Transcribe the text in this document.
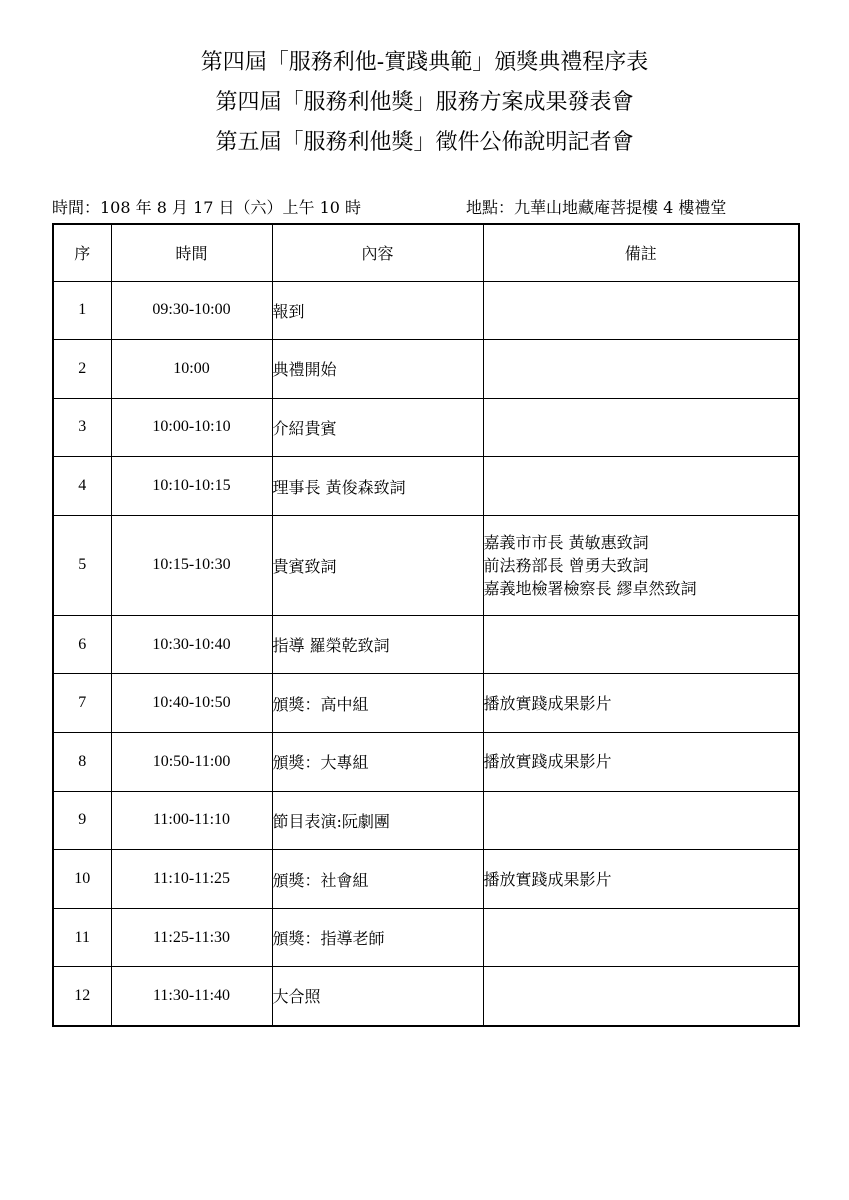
第四屆「服務利他-實踐典範」頒獎典禮程序表
第四屆「服務利他獎」服務方案成果發表會
第五屆「服務利他獎」徵件公佈說明記者會
時間：108 年 8 月 17 日（六）上午 10 時	地點：九華山地藏庵菩提樓 4 樓禮堂
序	時間	內容	備註
1	09:30-10:00	報到	
2	10:00	典禮開始	
3	10:00-10:10	介紹貴賓	
4	10:10-10:15	理事長 黃俊森致詞	
5	10:15-10:30	貴賓致詞	嘉義市市長 黃敏惠致詞
前法務部長 曾勇夫致詞
嘉義地檢署檢察長 繆卓然致詞

6	10:30-10:40	指導 羅榮乾致詞	
7	10:40-10:50	頒獎：高中組	播放實踐成果影片

8	10:50-11:00	頒獎：大專組	播放實踐成果影片

9	11:00-11:10	節目表演:阮劇團	
10	11:10-11:25	頒獎：社會組	播放實踐成果影片

11	11:25-11:30	頒獎：指導老師	
12	11:30-11:40	大合照	
